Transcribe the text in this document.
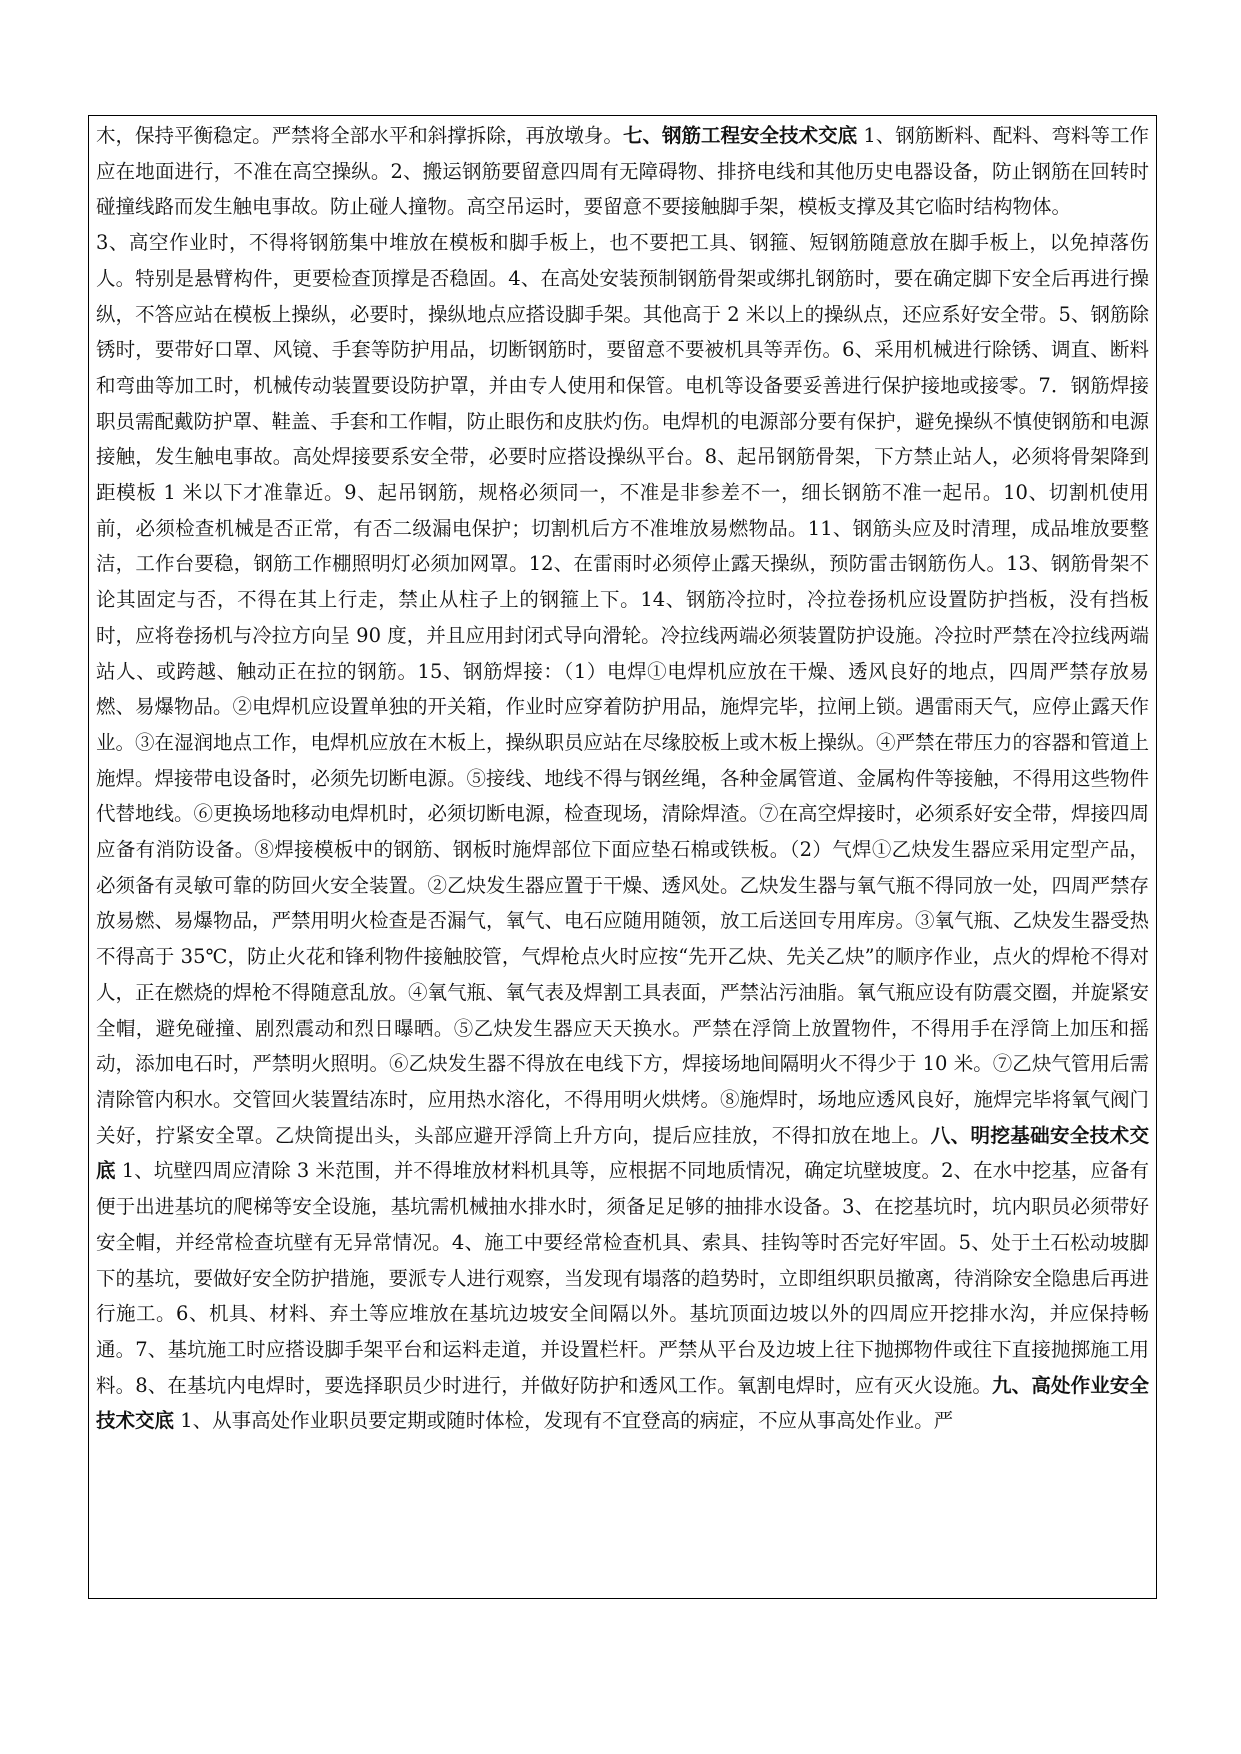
木，保持平衡稳定。严禁将全部水平和斜撑拆除，再放墩身。七、钢筋工程安全技术交底 1、钢筋断料、配料、弯料等工作应在地面进行，不准在高空操纵。2、搬运钢筋要留意四周有无障碍物、排挤电线和其他历史电器设备，防止钢筋在回转时碰撞线路而发生触电事故。防止碰人撞物。高空吊运时，要留意不要接触脚手架，模板支撑及其它临时结构物体。

3、高空作业时，不得将钢筋集中堆放在模板和脚手板上，也不要把工具、钢箍、短钢筋随意放在脚手板上，以免掉落伤人。特别是悬臂构件，更要检查顶撑是否稳固。4、在高处安装预制钢筋骨架或绑扎钢筋时，要在确定脚下安全后再进行操纵，不答应站在模板上操纵，必要时，操纵地点应搭设脚手架。其他高于 2 米以上的操纵点，还应系好安全带。5、钢筋除锈时，要带好口罩、风镜、手套等防护用品，切断钢筋时，要留意不要被机具等弄伤。6、采用机械进行除锈、调直、断料和弯曲等加工时，机械传动装置要设防护罩，并由专人使用和保管。电机等设备要妥善进行保护接地或接零。7．钢筋焊接职员需配戴防护罩、鞋盖、手套和工作帽，防止眼伤和皮肤灼伤。电焊机的电源部分要有保护，避免操纵不慎使钢筋和电源接触，发生触电事故。高处焊接要系安全带，必要时应搭设操纵平台。8、起吊钢筋骨架，下方禁止站人，必须将骨架降到距模板 1 米以下才准靠近。9、起吊钢筋，规格必须同一，不准是非参差不一，细长钢筋不准一起吊。10、切割机使用前，必须检查机械是否正常，有否二级漏电保护；切割机后方不准堆放易燃物品。11、钢筋头应及时清理，成品堆放要整洁，工作台要稳，钢筋工作棚照明灯必须加网罩。12、在雷雨时必须停止露天操纵，预防雷击钢筋伤人。13、钢筋骨架不论其固定与否，不得在其上行走，禁止从柱子上的钢箍上下。14、钢筋冷拉时，冷拉卷扬机应设置防护挡板，没有挡板时，应将卷扬机与冷拉方向呈 90 度，并且应用封闭式导向滑轮。冷拉线两端必须装置防护设施。冷拉时严禁在冷拉线两端站人、或跨越、触动正在拉的钢筋。15、钢筋焊接：（1）电焊①电焊机应放在干燥、透风良好的地点，四周严禁存放易燃、易爆物品。②电焊机应设置单独的开关箱，作业时应穿着防护用品，施焊完毕，拉闸上锁。遇雷雨天气，应停止露天作业。③在湿润地点工作，电焊机应放在木板上，操纵职员应站在尽缘胶板上或木板上操纵。④严禁在带压力的容器和管道上施焊。焊接带电设备时，必须先切断电源。⑤接线、地线不得与钢丝绳，各种金属管道、金属构件等接触，不得用这些物件代替地线。⑥更换场地移动电焊机时，必须切断电源，检查现场，清除焊渣。⑦在高空焊接时，必须系好安全带，焊接四周应备有消防设备。⑧焊接模板中的钢筋、钢板时施焊部位下面应垫石棉或铁板。（2）气焊①乙炔发生器应采用定型产品，必须备有灵敏可靠的防回火安全装置。②乙炔发生器应置于干燥、透风处。乙炔发生器与氧气瓶不得同放一处，四周严禁存放易燃、易爆物品，严禁用明火检查是否漏气，氧气、电石应随用随领，放工后送回专用库房。③氧气瓶、乙炔发生器受热不得高于 35℃，防止火花和锋利物件接触胶管，气焊枪点火时应按“先开乙炔、先关乙炔”的顺序作业，点火的焊枪不得对人，正在燃烧的焊枪不得随意乱放。④氧气瓶、氧气表及焊割工具表面，严禁沾污油脂。氧气瓶应设有防震交圈，并旋紧安全帽，避免碰撞、剧烈震动和烈日曝晒。⑤乙炔发生器应天天换水。严禁在浮筒上放置物件，不得用手在浮筒上加压和摇动，添加电石时，严禁明火照明。⑥乙炔发生器不得放在电线下方，焊接场地间隔明火不得少于 10 米。⑦乙炔气管用后需清除管内积水。交管回火装置结冻时，应用热水溶化，不得用明火烘烤。⑧施焊时，场地应透风良好，施焊完毕将氧气阀门关好，拧紧安全罩。乙炔筒提出头，头部应避开浮筒上升方向，提后应挂放，不得扣放在地上。八、明挖基础安全技术交底 1、坑壁四周应清除 3 米范围，并不得堆放材料机具等，应根据不同地质情况，确定坑壁坡度。2、在水中挖基，应备有便于出进基坑的爬梯等安全设施，基坑需机械抽水排水时，须备足足够的抽排水设备。3、在挖基坑时，坑内职员必须带好安全帽，并经常检查坑壁有无异常情况。4、施工中要经常检查机具、索具、挂钩等时否完好牢固。5、处于土石松动坡脚下的基坑，要做好安全防护措施，要派专人进行观察，当发现有塌落的趋势时，立即组织职员撤离，待消除安全隐患后再进行施工。6、机具、材料、弃土等应堆放在基坑边坡安全间隔以外。基坑顶面边坡以外的四周应开挖排水沟，并应保持畅通。7、基坑施工时应搭设脚手架平台和运料走道，并设置栏杆。严禁从平台及边坡上往下抛掷物件或往下直接抛掷施工用料。8、在基坑内电焊时，要选择职员少时进行，并做好防护和透风工作。氧割电焊时，应有灭火设施。九、高处作业安全技术交底 1、从事高处作业职员要定期或随时体检，发现有不宜登高的病症，不应从事高处作业。严
